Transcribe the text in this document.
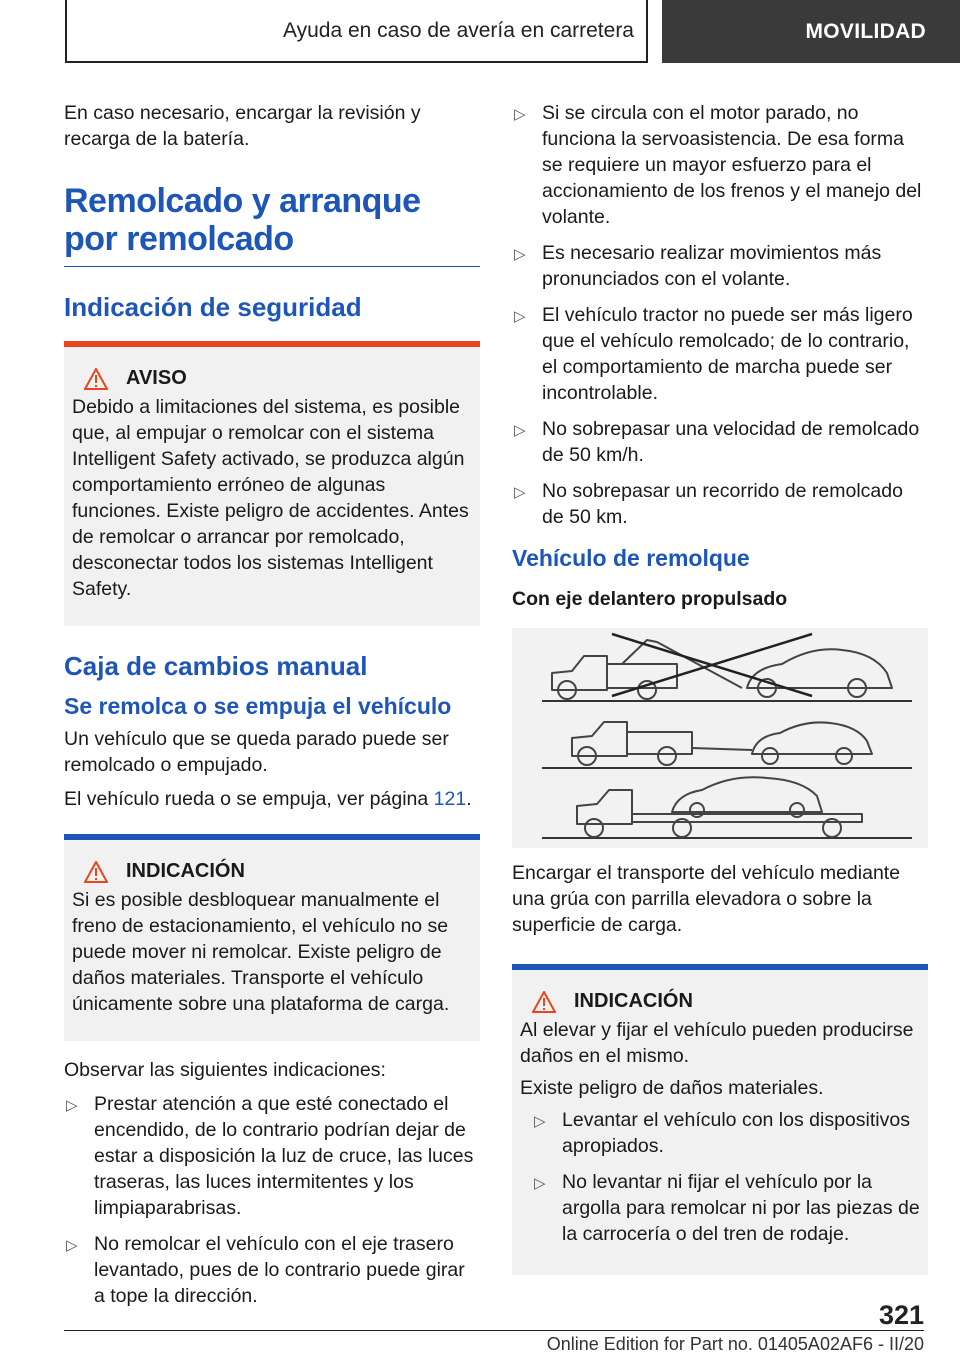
Ayuda en caso de avería en carretera	MOVILIDAD

En caso necesario, encargar la revisión y recarga de la batería.

Remolcado y arranque por remolcado
Indicación de seguridad
AVISO

Debido a limitaciones del sistema, es posible que, al empujar o remolcar con el sistema Intelligent Safety activado, se produzca algún comportamiento erróneo de algunas funciones. Existe peligro de accidentes. Antes de remolcar o arrancar por remolcado, desconectar todos los sistemas Intelligent Safety.

Caja de cambios manual
Se remolca o se empuja el vehículo

Un vehículo que se queda parado puede ser remolcado o empujado.

El vehículo rueda o se empuja, ver página 121.

INDICACIÓN

Si es posible desbloquear manualmente el freno de estacionamiento, el vehículo no se puede mover ni remolcar. Existe peligro de daños materiales. Transporte el vehículo únicamente sobre una plataforma de carga.

Observar las siguientes indicaciones:

▷ Prestar atención a que esté conectado el encendido, de lo contrario podrían dejar de estar a disposición la luz de cruce, las luces traseras, las luces intermitentes y los limpiaparabrisas.
▷ No remolcar el vehículo con el eje trasero levantado, pues de lo contrario puede girar a tope la dirección.
▷ Si se circula con el motor parado, no funciona la servoasistencia. De esa forma se requiere un mayor esfuerzo para el accionamiento de los frenos y el manejo del volante.
▷ Es necesario realizar movimientos más pronunciados con el volante.
▷ El vehículo tractor no puede ser más ligero que el vehículo remolcado; de lo contrario, el comportamiento de marcha puede ser incontrolable.
▷ No sobrepasar una velocidad de remolcado de 50 km/h.
▷ No sobrepasar un recorrido de remolcado de 50 km.
Vehículo de remolque
Con eje delantero propulsado

Encargar el transporte del vehículo mediante una grúa con parrilla elevadora o sobre la superficie de carga.

INDICACIÓN

Al elevar y fijar el vehículo pueden producirse daños en el mismo.

Existe peligro de daños materiales.

▷ Levantar el vehículo con los dispositivos apropiados.
▷ No levantar ni fijar el vehículo por la argolla para remolcar ni por las piezas de la carrocería o del tren de rodaje.
321
Online Edition for Part no. 01405A02AF6 - II/20
